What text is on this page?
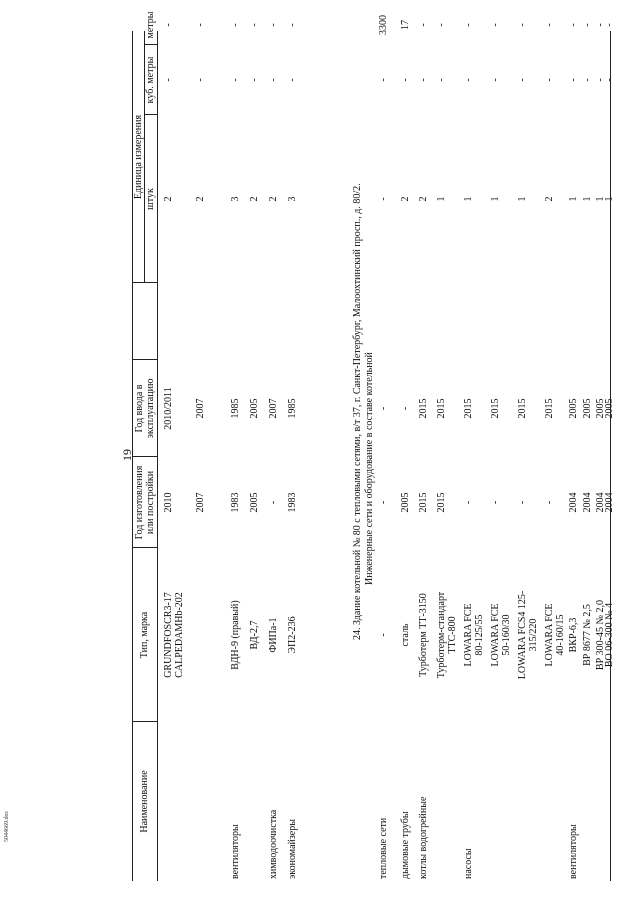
19
Наименование
Тип, марка
Год изготовления или постройки
Год ввода в эксплуатацию
Единица измерения штук
куб. метры
метры
GRUNDFOSCR3-17 CALPEDAMHb-202
2010
2010/2011
2
-
-
2007
2007
2
-
-
вентиляторы
ВДН-9 (правый)
1983
1985
3
-
-
ВД-2,7
2005
2005
2
-
-
химводоочистка
ФИПа-1
-
2007
2
-
-
экономайзеры
ЭП2-236
1983
1985
3
-
-
24. Здание котельной № 80 с тепловыми сетями, в/т 37, г. Санкт-Петербург, Малоохтинский просп., д. 80/2. Инженерные сети и оборудование в составе котельной
тепловые сети
-
-
-
-
-
3300
дымовые трубы
сталь
2005
-
2
-
17
котлы водогрейные
Турботерм ТТ-3150
2015
2015
2
-
-
Турботерм-стандарт ТТС-800
2015
2015
1
-
-
насосы
LOWARA FCE 80-125/55
-
2015
1
-
-
LOWARA FCE 50-160/30
-
2015
1
-
-
LOWARA FCS4 125- 315/220
-
2015
1
-
-
LOWARA FCE 40-160/15
-
2015
2
-
-
вентиляторы
ВКР-6,3
2004
2005
1
-
-
ВР 8677 № 2,5
2004
2005
1
-
-
ВР 300-45 № 2,0
2004
2005
1
-
-
ВО 06-300 № 4
2004
2005
1
-
-
5044669.doc
